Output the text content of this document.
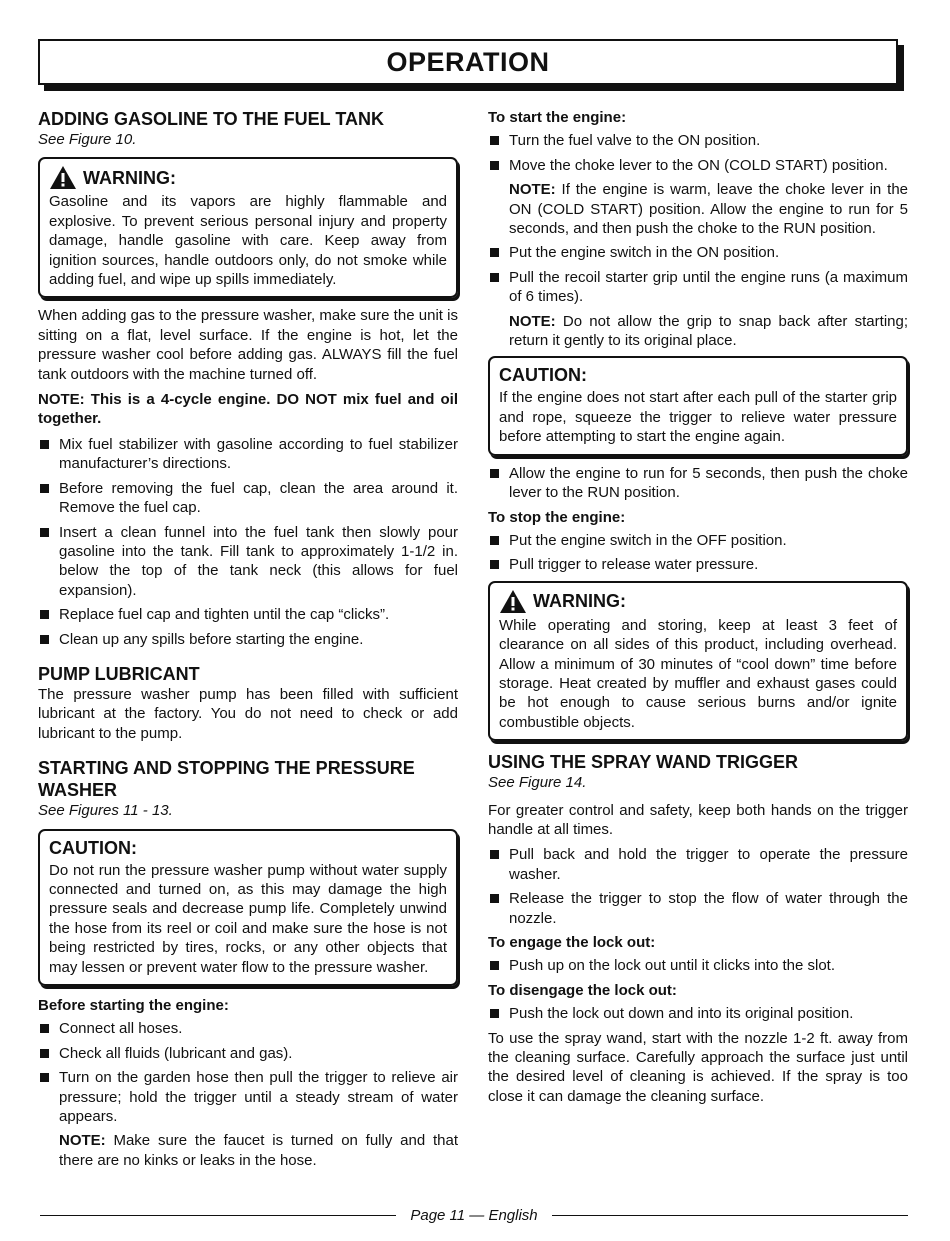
OPERATION
ADDING GASOLINE TO THE FUEL TANK
See Figure 10.
WARNING:

Gasoline and its vapors are highly flammable and explosive. To prevent serious personal injury and property damage, handle gasoline with care. Keep away from ignition sources, handle outdoors only, do not smoke while adding fuel, and wipe up spills immediately.

When adding gas to the pressure washer, make sure the unit is sitting on a flat, level surface. If the engine is hot, let the pressure washer cool before adding gas. ALWAYS fill the fuel tank outdoors with the machine turned off.

NOTE: This is a 4-cycle engine. DO NOT mix fuel and oil together.

Mix fuel stabilizer with gasoline according to fuel stabilizer manufacturer’s directions.
Before removing the fuel cap, clean the area around it. Remove the fuel cap.
Insert a clean funnel into the fuel tank then slowly pour gasoline into the tank. Fill tank to approximately 1-1/2 in. below the top of the tank neck (this allows for fuel expansion).
Replace fuel cap and tighten until the cap “clicks”.
Clean up any spills before starting the engine.
PUMP LUBRICANT

The pressure washer pump has been filled with sufficient lubricant at the factory. You do not need to check or add lubricant to the pump.

STARTING AND STOPPING THE PRESSURE WASHER
See Figures 11 - 13.
CAUTION:

Do not run the pressure washer pump without water supply connected and turned on, as this may damage the high pressure seals and decrease pump life. Completely unwind the hose from its reel or coil and make sure the hose is not being restricted by tires, rocks, or any other objects that may lessen or prevent water flow to the pressure washer.

Before starting the engine:
Connect all hoses.
Check all fluids (lubricant and gas).
Turn on the garden hose then pull the trigger to relieve air pressure; hold the trigger until a steady stream of water appears.
NOTE: Make sure the faucet is turned on fully and that there are no kinks or leaks in the hose.
To start the engine:
Turn the fuel valve to the ON position.
Move the choke lever to the ON (COLD START) position.
NOTE: If the engine is warm, leave the choke lever in the ON (COLD START) position. Allow the engine to run for 5 seconds, and then push the choke to the RUN position.
Put the engine switch in the ON position.
Pull the recoil starter grip until the engine runs (a maximum of 6 times).
NOTE: Do not allow the grip to snap back after starting; return it gently to its original place.
CAUTION:

If the engine does not start after each pull of the starter grip and rope, squeeze the trigger to relieve water pressure before attempting to start the engine again.

Allow the engine to run for 5 seconds, then push the choke lever to the RUN position.
To stop the engine:
Put the engine switch in the OFF position.
Pull trigger to release water pressure.
WARNING:

While operating and storing, keep at least 3 feet of clearance on all sides of this product, including overhead. Allow a minimum of 30 minutes of “cool down” time before storage. Heat created by muffler and exhaust gases could be hot enough to cause serious burns and/or ignite combustible objects.

USING THE SPRAY WAND TRIGGER
See Figure 14.

For greater control and safety, keep both hands on the trigger handle at all times.

Pull back and hold the trigger to operate the pressure washer.
Release the trigger to stop the flow of water through the nozzle.
To engage the lock out:
Push up on the lock out until it clicks into the slot.
To disengage the lock out:
Push the lock out down and into its original position.

To use the spray wand, start with the nozzle 1-2 ft. away from the cleaning surface. Carefully approach the surface just until the desired level of cleaning is achieved. If the spray is too close it can damage the cleaning surface.

Page 11 — English
